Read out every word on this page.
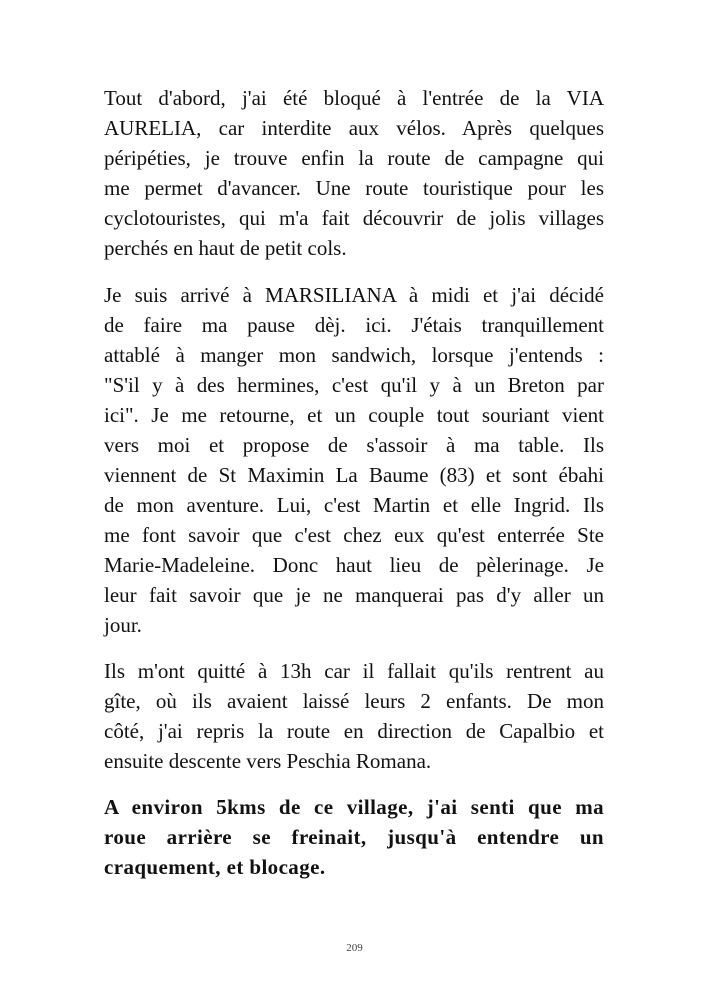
Tout d'abord, j'ai été bloqué à l'entrée de la VIA
AURELIA, car interdite aux vélos. Après quelques
péripéties, je trouve enfin la route de campagne qui
me permet d'avancer. Une route touristique pour les
cyclotouristes, qui m'a fait découvrir de jolis villages
perchés en haut de petit cols.
Je suis arrivé à MARSILIANA à midi et j'ai décidé
de faire ma pause dèj. ici. J'étais tranquillement
attablé à manger mon sandwich, lorsque j'entends :
"S'il y à des hermines, c'est qu'il y à un Breton par
ici". Je me retourne, et un couple tout souriant vient
vers moi et propose de s'assoir à ma table. Ils
viennent de St Maximin La Baume (83) et sont ébahi
de mon aventure. Lui, c'est Martin et elle Ingrid. Ils
me font savoir que c'est chez eux qu'est enterrée Ste
Marie-Madeleine. Donc haut lieu de pèlerinage. Je
leur fait savoir que je ne manquerai pas d'y aller un
jour.
Ils m'ont quitté à 13h car il fallait qu'ils rentrent au
gîte, où ils avaient laissé leurs 2 enfants. De mon
côté, j'ai repris la route en direction de Capalbio et
ensuite descente vers Peschia Romana.
A environ 5kms de ce village, j'ai senti que ma
roue arrière se freinait, jusqu'à entendre un
craquement, et blocage.
209
